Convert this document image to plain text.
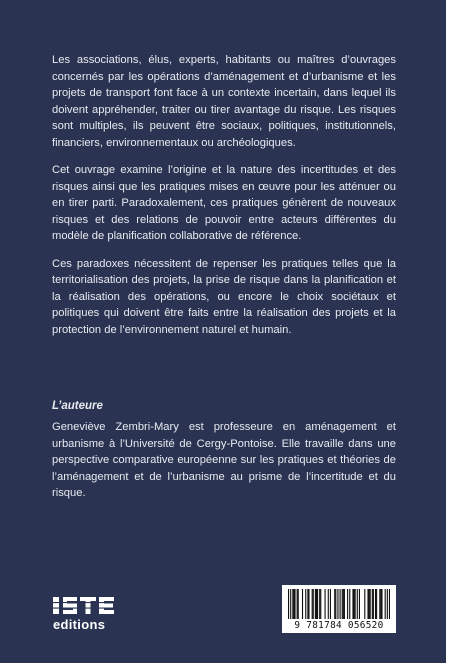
Les associations, élus, experts, habitants ou maîtres d’ouvrages concernés par les opérations d’aménagement et d’urbanisme et les projets de transport font face à un contexte incertain, dans lequel ils doivent appréhender, traiter ou tirer avantage du risque. Les risques sont multiples, ils peuvent être sociaux, politiques, institutionnels, financiers, environnementaux ou archéologiques.

Cet ouvrage examine l’origine et la nature des incertitudes et des risques ainsi que les pratiques mises en œuvre pour les atténuer ou en tirer parti. Paradoxalement, ces pratiques génèrent de nouveaux risques et des relations de pouvoir entre acteurs différentes du modèle de planification collaborative de référence.

Ces paradoxes nécessitent de repenser les pratiques telles que la territorialisation des projets, la prise de risque dans la planification et la réalisation des opérations, ou encore le choix sociétaux et politiques qui doivent être faits entre la réalisation des projets et la protection de l’environnement naturel et humain.

L’auteure

Geneviève Zembri-Mary est professeure en aménagement et urbanisme à l’Université de Cergy-Pontoise. Elle travaille dans une perspective comparative européenne sur les pratiques et théories de l’aménagement et de l’urbanisme au prisme de l’incertitude et du risque.

editions	9 781784 056520
